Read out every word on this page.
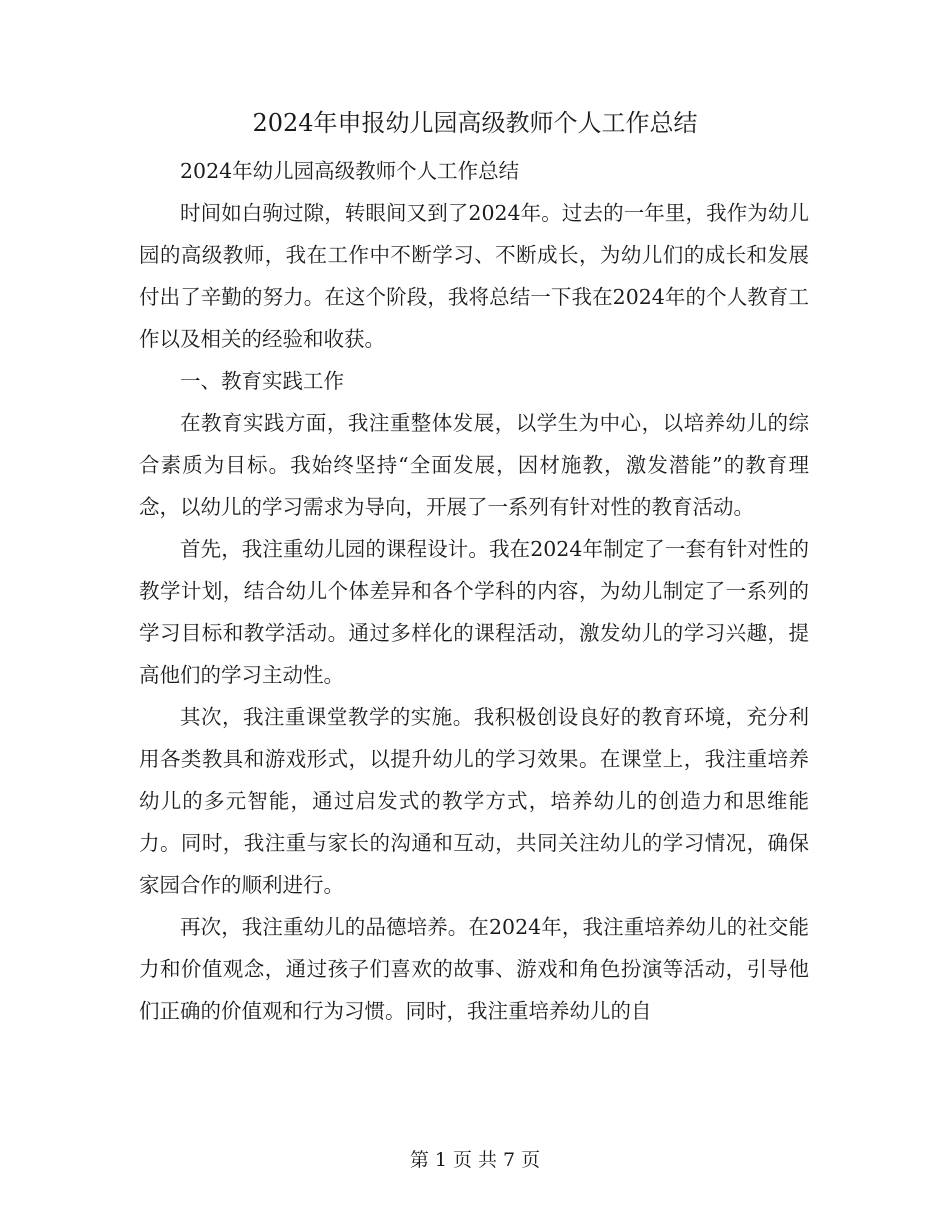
2024年申报幼儿园高级教师个人工作总结

2024年幼儿园高级教师个人工作总结

时间如白驹过隙，转眼间又到了2024年。过去的一年里，我作为幼儿园的高级教师，我在工作中不断学习、不断成长，为幼儿们的成长和发展付出了辛勤的努力。在这个阶段，我将总结一下我在2024年的个人教育工作以及相关的经验和收获。

一、教育实践工作

在教育实践方面，我注重整体发展，以学生为中心，以培养幼儿的综合素质为目标。我始终坚持“全面发展，因材施教，激发潜能”的教育理念，以幼儿的学习需求为导向，开展了一系列有针对性的教育活动。

首先，我注重幼儿园的课程设计。我在2024年制定了一套有针对性的教学计划，结合幼儿个体差异和各个学科的内容，为幼儿制定了一系列的学习目标和教学活动。通过多样化的课程活动，激发幼儿的学习兴趣，提高他们的学习主动性。

其次，我注重课堂教学的实施。我积极创设良好的教育环境，充分利用各类教具和游戏形式，以提升幼儿的学习效果。在课堂上，我注重培养幼儿的多元智能，通过启发式的教学方式，培养幼儿的创造力和思维能力。同时，我注重与家长的沟通和互动，共同关注幼儿的学习情况，确保家园合作的顺利进行。

再次，我注重幼儿的品德培养。在2024年，我注重培养幼儿的社交能力和价值观念，通过孩子们喜欢的故事、游戏和角色扮演等活动，引导他们正确的价值观和行为习惯。同时，我注重培养幼儿的自

第 1 页 共 7 页
